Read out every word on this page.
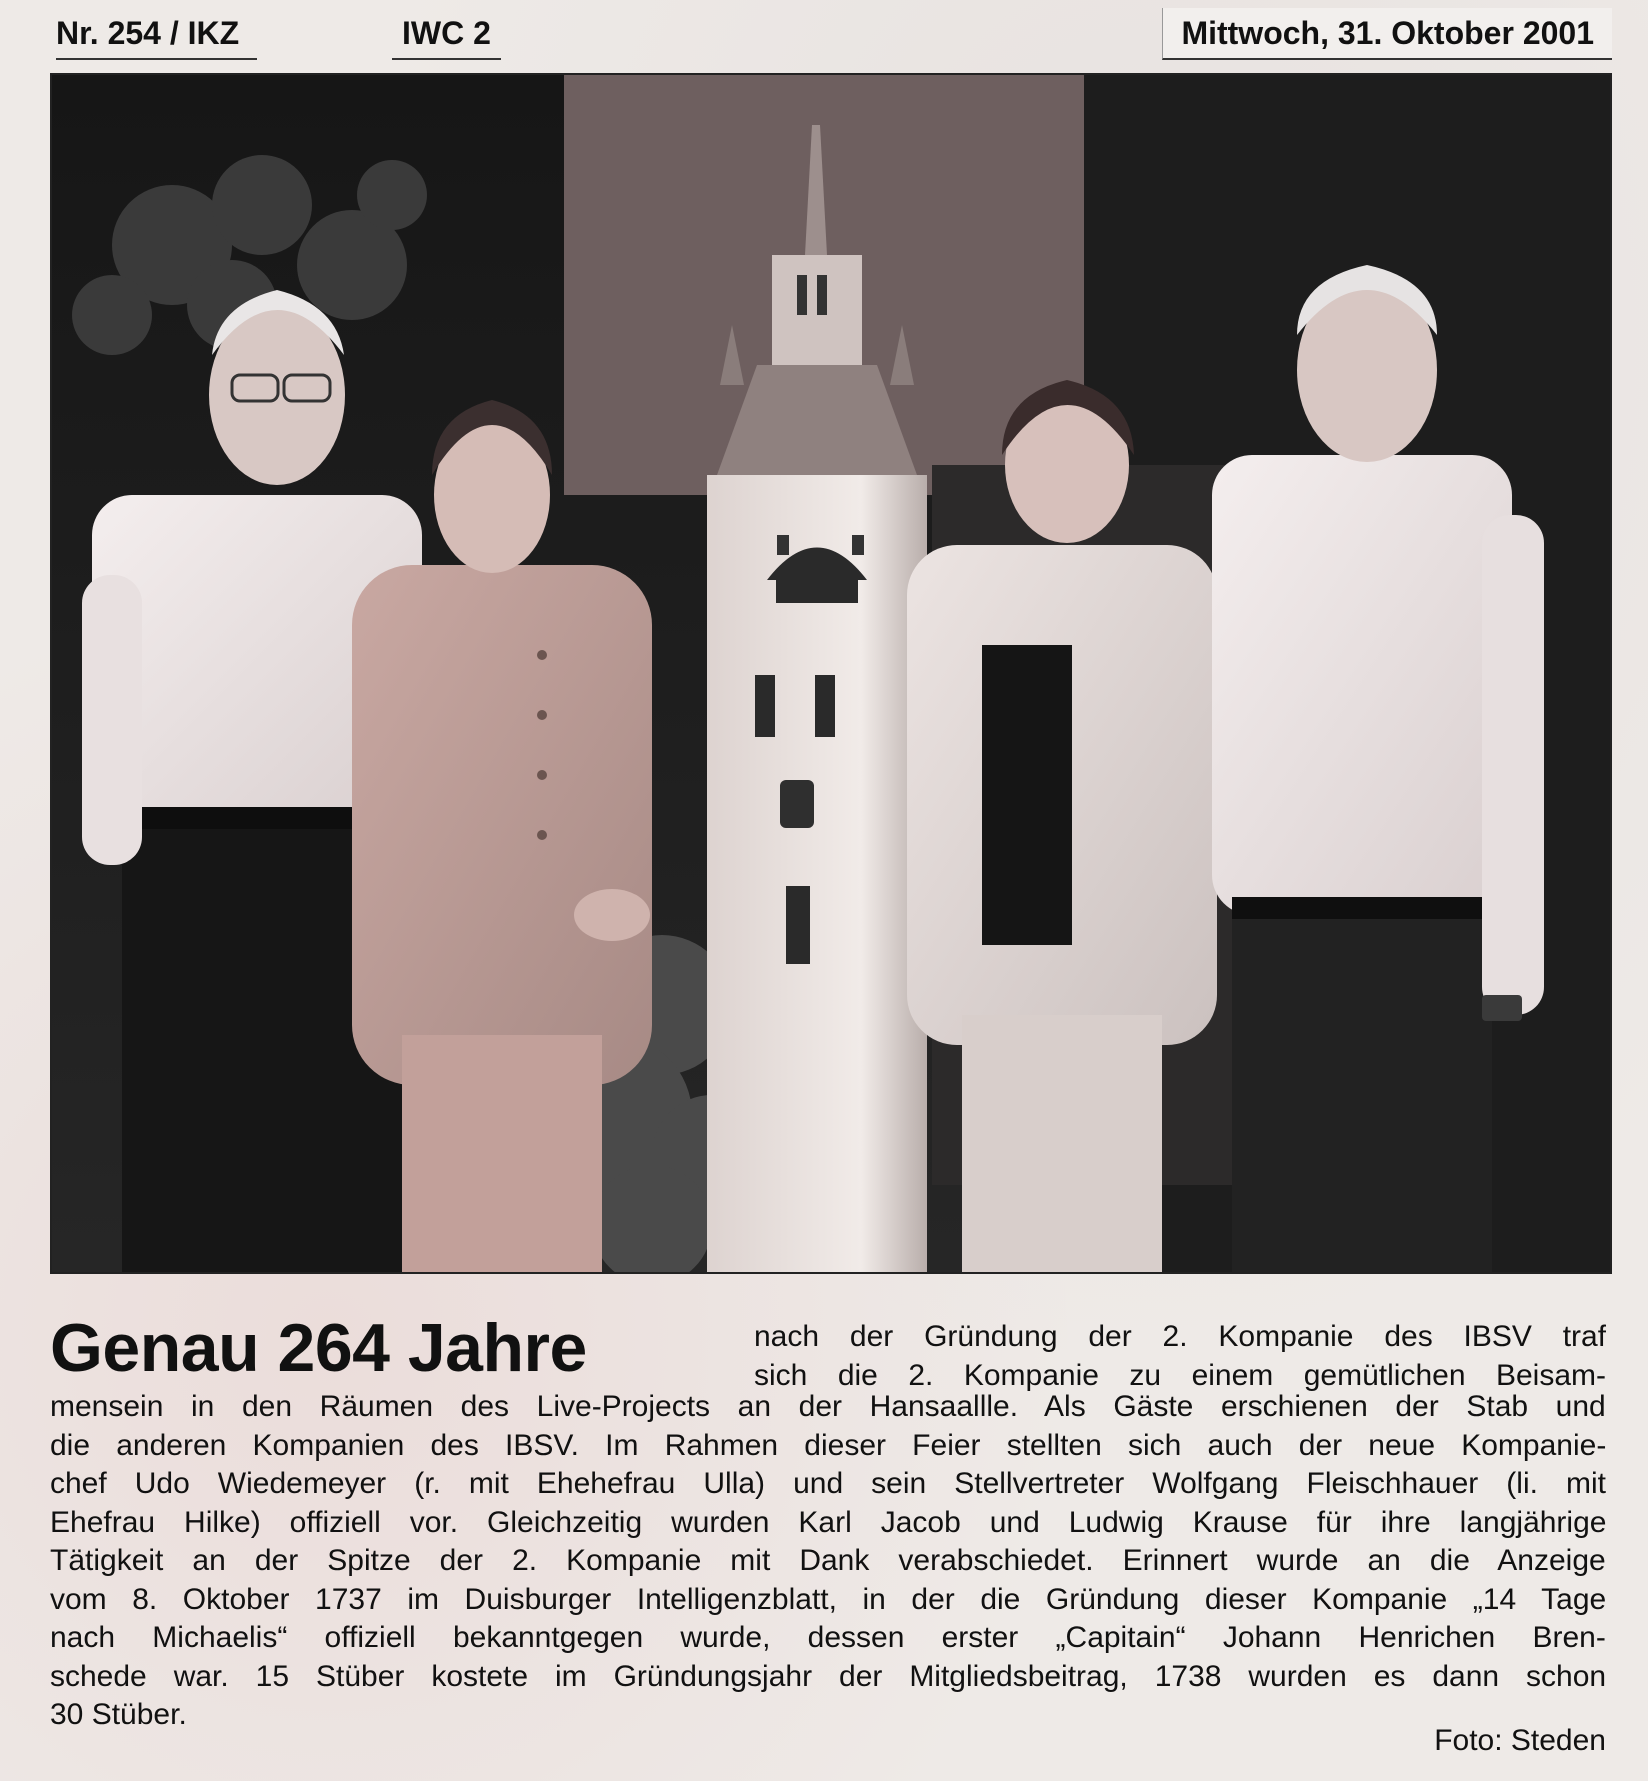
Nr. 254 / IKZ	IWC 2	Mittwoch, 31. Oktober 2001
Genau 264 Jahre	nach der Gründung der 2. Kompanie des IBSV traf
sich die 2. Kompanie zu einem gemütlichen Beisam-
mensein in den Räumen des Live-Projects an der Hansaallle. Als Gäste erschienen der Stab und
die anderen Kompanien des IBSV. Im Rahmen dieser Feier stellten sich auch der neue Kompanie-
chef Udo Wiedemeyer (r. mit Ehehefrau Ulla) und sein Stellvertreter Wolfgang Fleischhauer (li. mit
Ehefrau Hilke) offiziell vor. Gleichzeitig wurden Karl Jacob und Ludwig Krause für ihre langjährige
Tätigkeit an der Spitze der 2. Kompanie mit Dank verabschiedet. Erinnert wurde an die Anzeige
vom 8. Oktober 1737 im Duisburger Intelligenzblatt, in der die Gründung dieser Kompanie „14 Tage
nach Michaelis“ offiziell bekanntgegen wurde, dessen erster „Capitain“ Johann Henrichen Bren-
schede war. 15 Stüber kostete im Gründungsjahr der Mitgliedsbeitrag, 1738 wurden es dann schon
30 Stüber.
Foto: Steden
